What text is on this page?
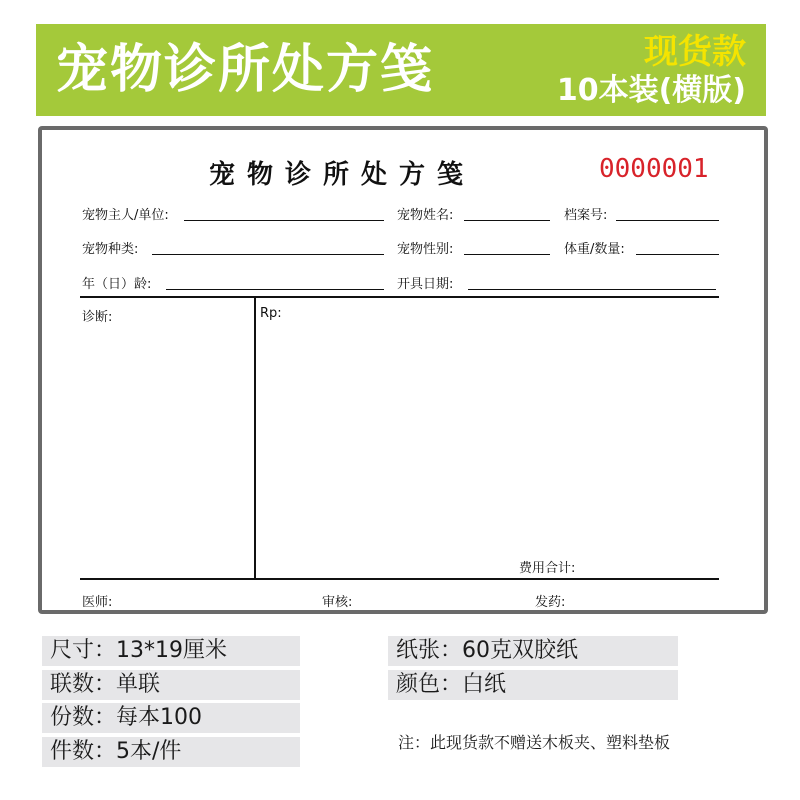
宠物诊所处方笺	现货款
10本装(横版)
宠物诊所处方笺	0000001
宠物主人/单位:	宠物姓名:	档案号:
宠物种类:	宠物性别:	体重/数量:
年（日）龄:	开具日期:
诊断:	Rp:
费用合计:
医师:	审核:	发药:
尺寸：13*19厘米
联数：单联
份数：每本100
件数：5本/件
纸张：60克双胶纸
颜色：白纸
注：此现货款不赠送木板夹、塑料垫板
